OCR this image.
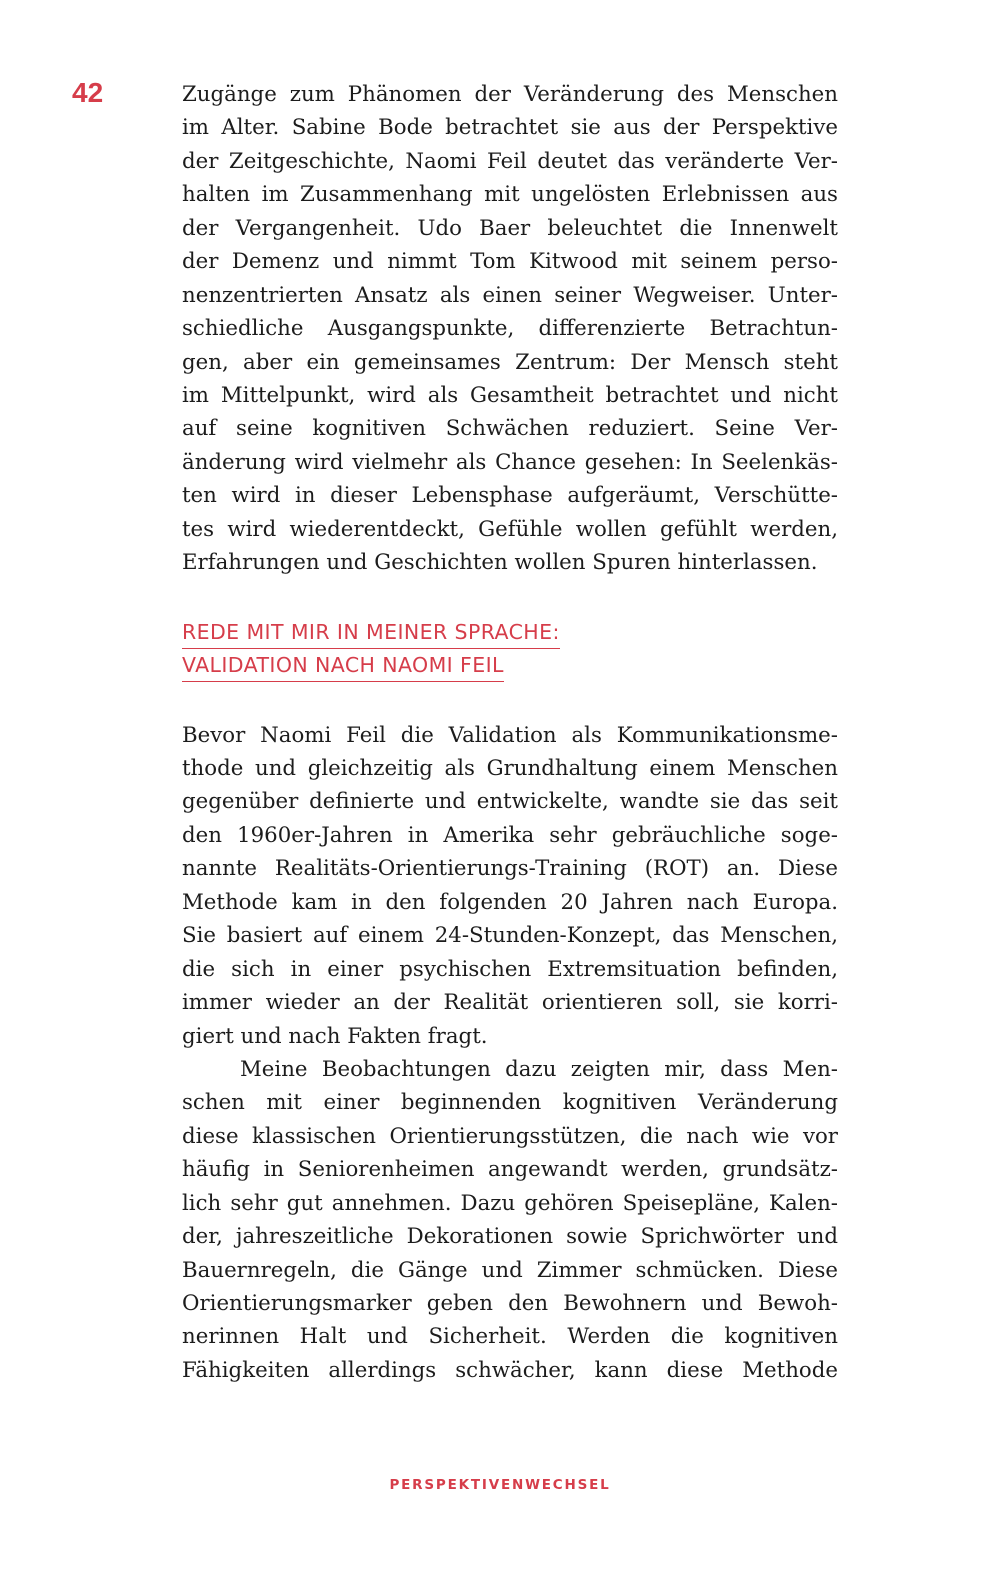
42	Zugänge zum Phänomen der Veränderung des Menschen
im Alter. Sabine Bode betrachtet sie aus der Perspektive
der Zeitgeschichte, Naomi Feil deutet das veränderte Ver-
halten im Zusammenhang mit ungelösten Erlebnissen aus
der Vergangenheit. Udo Baer beleuchtet die Innenwelt
der Demenz und nimmt Tom Kitwood mit seinem perso-
nenzentrierten Ansatz als einen seiner Wegweiser. Unter-
schiedliche Ausgangspunkte, differenzierte Betrachtun-
gen, aber ein gemeinsames Zentrum: Der Mensch steht
im Mittelpunkt, wird als Gesamtheit betrachtet und nicht
auf seine kognitiven Schwächen reduziert. Seine Ver-
änderung wird vielmehr als Chance gesehen: In Seelenkäs-
ten wird in dieser Lebensphase aufgeräumt, Verschütte-
tes wird wiederentdeckt, Gefühle wollen gefühlt werden,
Erfahrungen und Geschichten wollen Spuren hinterlassen.
REDE MIT MIR IN MEINER SPRACHE:
VALIDATION NACH NAOMI FEIL
Bevor Naomi Feil die Validation als Kommunikationsme-
thode und gleichzeitig als Grundhaltung einem Menschen
gegenüber definierte und entwickelte, wandte sie das seit
den 1960er-Jahren in Amerika sehr gebräuchliche soge-
nannte Realitäts-Orientierungs-Training (ROT) an. Diese
Methode kam in den folgenden 20 Jahren nach Europa.
Sie basiert auf einem 24-Stunden-Konzept, das Menschen,
die sich in einer psychischen Extremsituation befinden,
immer wieder an der Realität orientieren soll, sie korri-
giert und nach Fakten fragt.
Meine Beobachtungen dazu zeigten mir, dass Men-
schen mit einer beginnenden kognitiven Veränderung
diese klassischen Orientierungsstützen, die nach wie vor
häufig in Seniorenheimen angewandt werden, grundsätz-
lich sehr gut annehmen. Dazu gehören Speisepläne, Kalen-
der, jahreszeitliche Dekorationen sowie Sprichwörter und
Bauernregeln, die Gänge und Zimmer schmücken. Diese
Orientierungsmarker geben den Bewohnern und Bewoh-
nerinnen Halt und Sicherheit. Werden die kognitiven
Fähigkeiten allerdings schwächer, kann diese Methode
PERSPEKTIVENWECHSEL
